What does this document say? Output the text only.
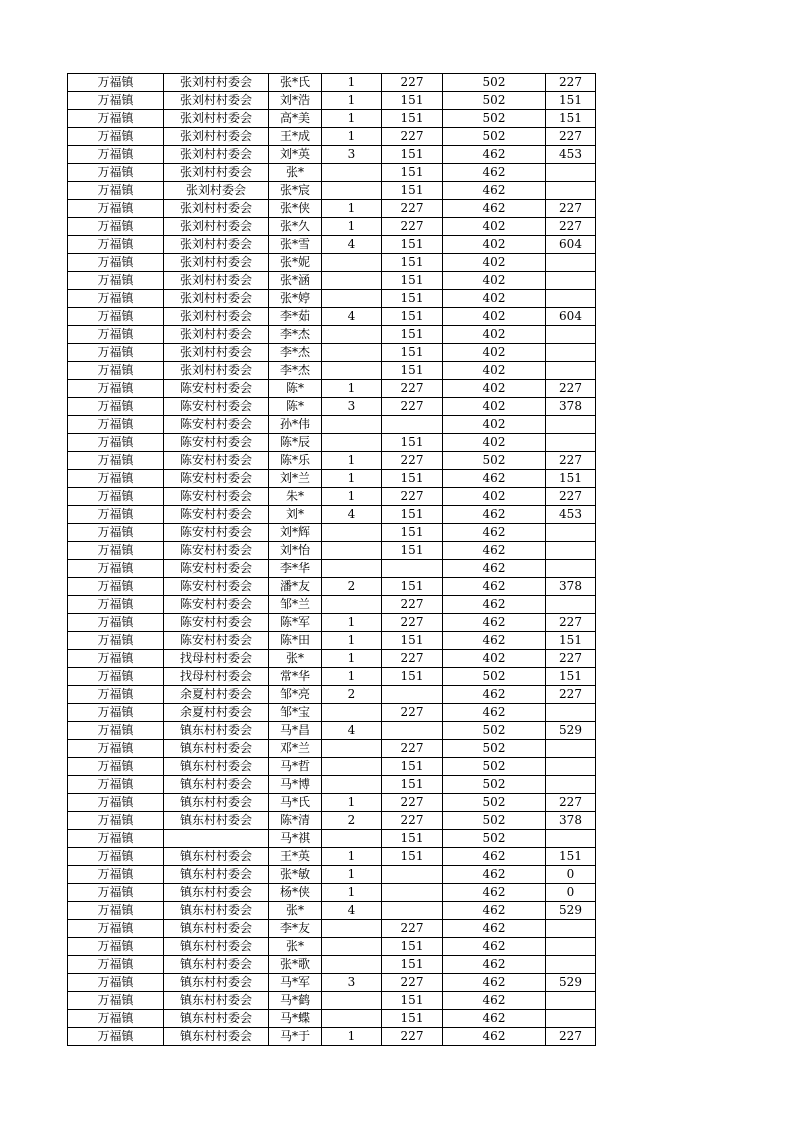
万福镇	张刘村村委会	张*氏	1	227	502	227
万福镇	张刘村村委会	刘*浩	1	151	502	151
万福镇	张刘村村委会	高*美	1	151	502	151
万福镇	张刘村村委会	王*成	1	227	502	227
万福镇	张刘村村委会	刘*英	3	151	462	453
万福镇	张刘村村委会	张*		151	462	
万福镇	张刘村委会	张*宸		151	462	
万福镇	张刘村村委会	张*侠	1	227	462	227
万福镇	张刘村村委会	张*久	1	227	402	227
万福镇	张刘村村委会	张*雪	4	151	402	604
万福镇	张刘村村委会	张*妮		151	402	
万福镇	张刘村村委会	张*涵		151	402	
万福镇	张刘村村委会	张*婷		151	402	
万福镇	张刘村村委会	李*茹	4	151	402	604
万福镇	张刘村村委会	李*杰		151	402	
万福镇	张刘村村委会	李*杰		151	402	
万福镇	张刘村村委会	李*杰		151	402	
万福镇	陈安村村委会	陈*	1	227	402	227
万福镇	陈安村村委会	陈*	3	227	402	378
万福镇	陈安村村委会	孙*伟			402	
万福镇	陈安村村委会	陈*辰		151	402	
万福镇	陈安村村委会	陈*乐	1	227	502	227
万福镇	陈安村村委会	刘*兰	1	151	462	151
万福镇	陈安村村委会	朱*	1	227	402	227
万福镇	陈安村村委会	刘*	4	151	462	453
万福镇	陈安村村委会	刘*辉		151	462	
万福镇	陈安村村委会	刘*怡		151	462	
万福镇	陈安村村委会	李*华			462	
万福镇	陈安村村委会	潘*友	2	151	462	378
万福镇	陈安村村委会	邹*兰		227	462	
万福镇	陈安村村委会	陈*军	1	227	462	227
万福镇	陈安村村委会	陈*田	1	151	462	151
万福镇	找母村村委会	张*	1	227	402	227
万福镇	找母村村委会	常*华	1	151	502	151
万福镇	余夏村村委会	邹*亮	2		462	227
万福镇	余夏村村委会	邹*宝		227	462	
万福镇	镇东村村委会	马*昌	4		502	529
万福镇	镇东村村委会	邓*兰		227	502	
万福镇	镇东村村委会	马*哲		151	502	
万福镇	镇东村村委会	马*博		151	502	
万福镇	镇东村村委会	马*氏	1	227	502	227
万福镇	镇东村村委会	陈*清	2	227	502	378
万福镇		马*祺		151	502	
万福镇	镇东村村委会	王*英	1	151	462	151
万福镇	镇东村村委会	张*敏	1		462	0
万福镇	镇东村村委会	杨*侠	1		462	0
万福镇	镇东村村委会	张*	4		462	529
万福镇	镇东村村委会	李*友		227	462	
万福镇	镇东村村委会	张*		151	462	
万福镇	镇东村村委会	张*歌		151	462	
万福镇	镇东村村委会	马*军	3	227	462	529
万福镇	镇东村村委会	马*鹤		151	462	
万福镇	镇东村村委会	马*蝶		151	462	
万福镇	镇东村村委会	马*于	1	227	462	227
